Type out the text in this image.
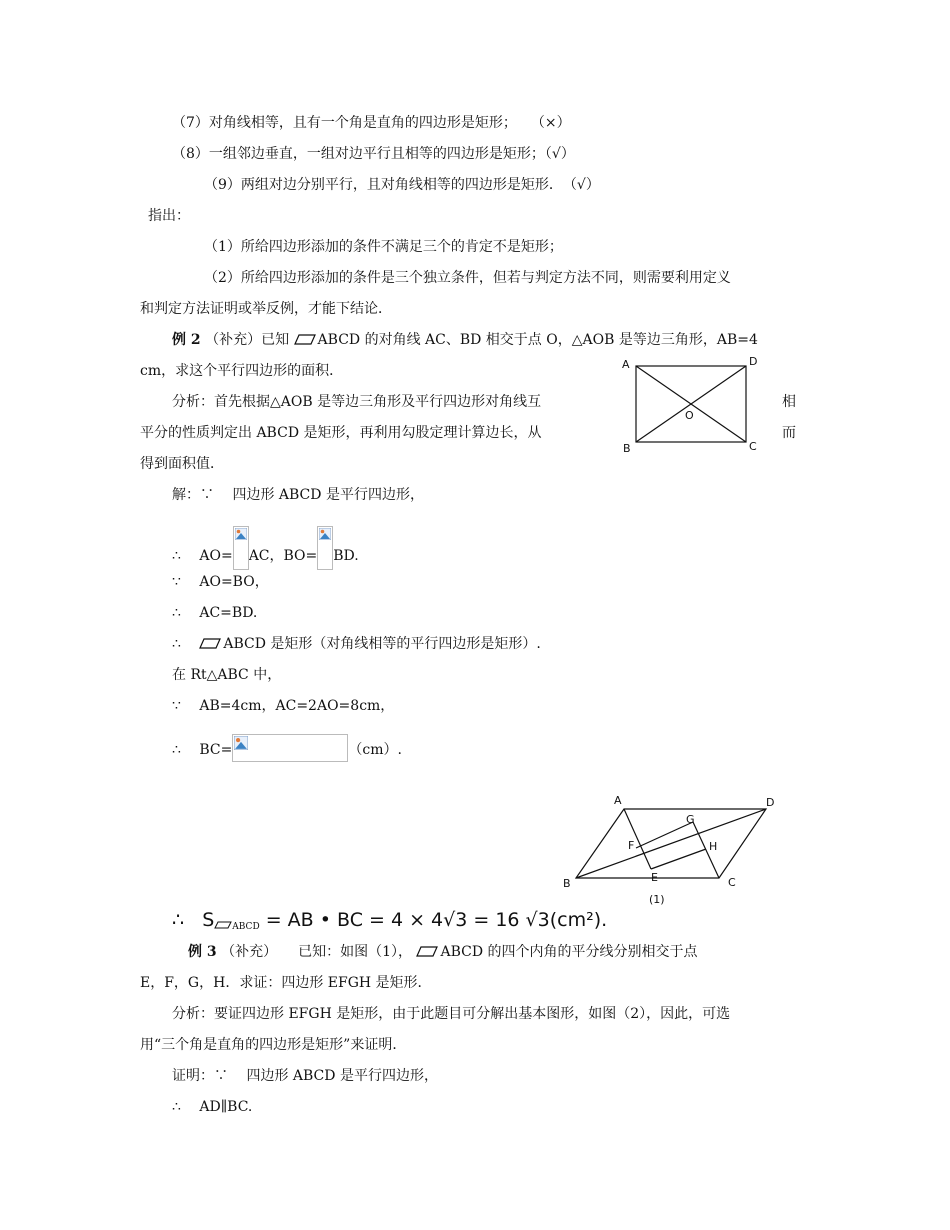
（7）对角线相等，且有一个角是直角的四边形是矩形；　　（×）
（8）一组邻边垂直，一组对边平行且相等的四边形是矩形；（√）
（9）两组对边分别平行，且对角线相等的四边形是矩形．　（√）
指出：
（1）所给四边形添加的条件不满足三个的肯定不是矩形；
（2）所给四边形添加的条件是三个独立条件，但若与判定方法不同，则需要利用定义
和判定方法证明或举反例，才能下结论．
例 2 （补充）已知 ABCD 的对角线 AC、BD 相交于点 O，△AOB 是等边三角形，AB=4
cm，求这个平行四边形的面积．
分析：首先根据△AOB 是等边三角形及平行四边形对角线互	相
平分的性质判定出 ABCD 是矩形，再利用勾股定理计算边长，从	而
得到面积值．
A	D
O
B	C
解：∵　 四边形 ABCD 是平行四边形，
∴　 AO= AC，BO= BD.
∵　 AO=BO，
∴　 AC=BD.
∴　 ABCD 是矩形（对角线相等的平行四边形是矩形）.
在 Rt△ABC 中，
∵　 AB=4cm，AC=2AO=8cm，
∴　 BC=	（cm）.
A	D
G
F	H
E
B	C
(1)
∴ S ABCD = AB • BC = 4 × 4√3 = 16 √3(cm²).
例 3 （补充）　　已知：如图（1）， ABCD 的四个内角的平分线分别相交于点
E，F，G，H．求证：四边形 EFGH 是矩形．
分析：要证四边形 EFGH 是矩形，由于此题目可分解出基本图形，如图（2），因此，可选
用“三个角是直角的四边形是矩形”来证明．
证明：∵　 四边形 ABCD 是平行四边形，
∴　 AD∥BC.
